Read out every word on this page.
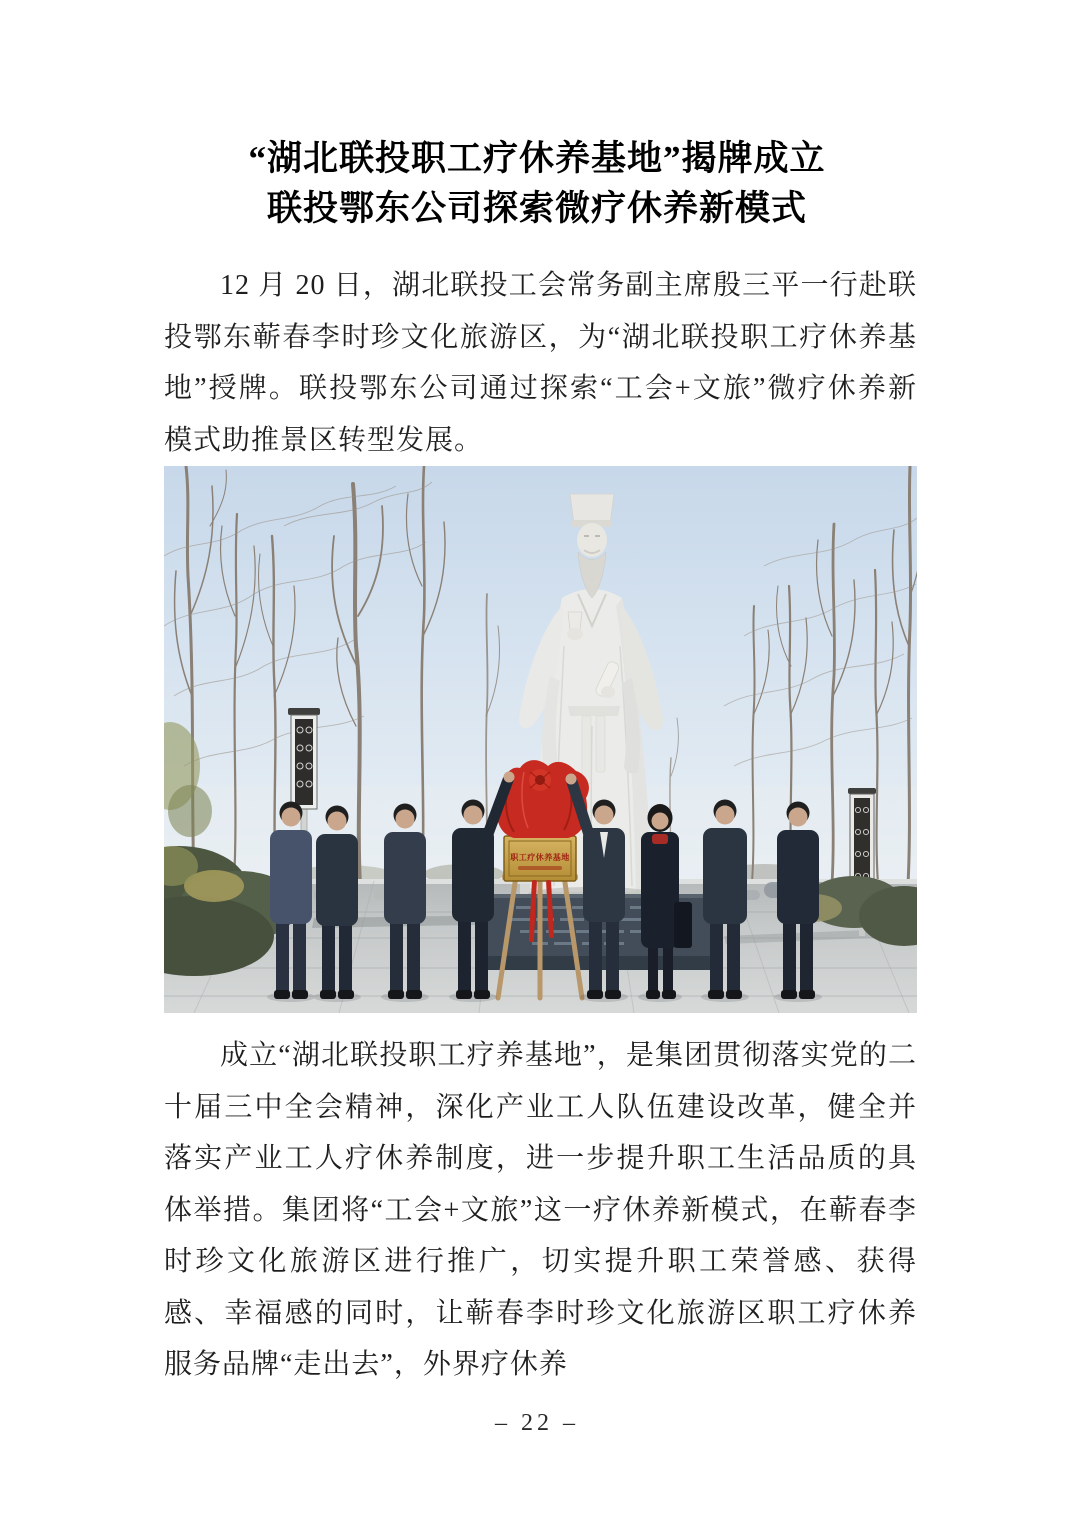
“湖北联投职工疗休养基地”揭牌成立
联投鄂东公司探索微疗休养新模式

12 月 20 日，湖北联投工会常务副主席殷三平一行赴联投鄂东蕲春李时珍文化旅游区，为“湖北联投职工疗休养基地”授牌。联投鄂东公司通过探索“工会+文旅”微疗休养新模式助推景区转型发展。

职工疗休养基地

成立“湖北联投职工疗养基地”，是集团贯彻落实党的二十届三中全会精神，深化产业工人队伍建设改革，健全并落实产业工人疗休养制度，进一步提升职工生活品质的具体举措。集团将“工会+文旅”这一疗休养新模式，在蕲春李时珍文化旅游区进行推广，切实提升职工荣誉感、获得感、幸福感的同时，让蕲春李时珍文化旅游区职工疗休养服务品牌“走出去”，外界疗休养

– 22 –
